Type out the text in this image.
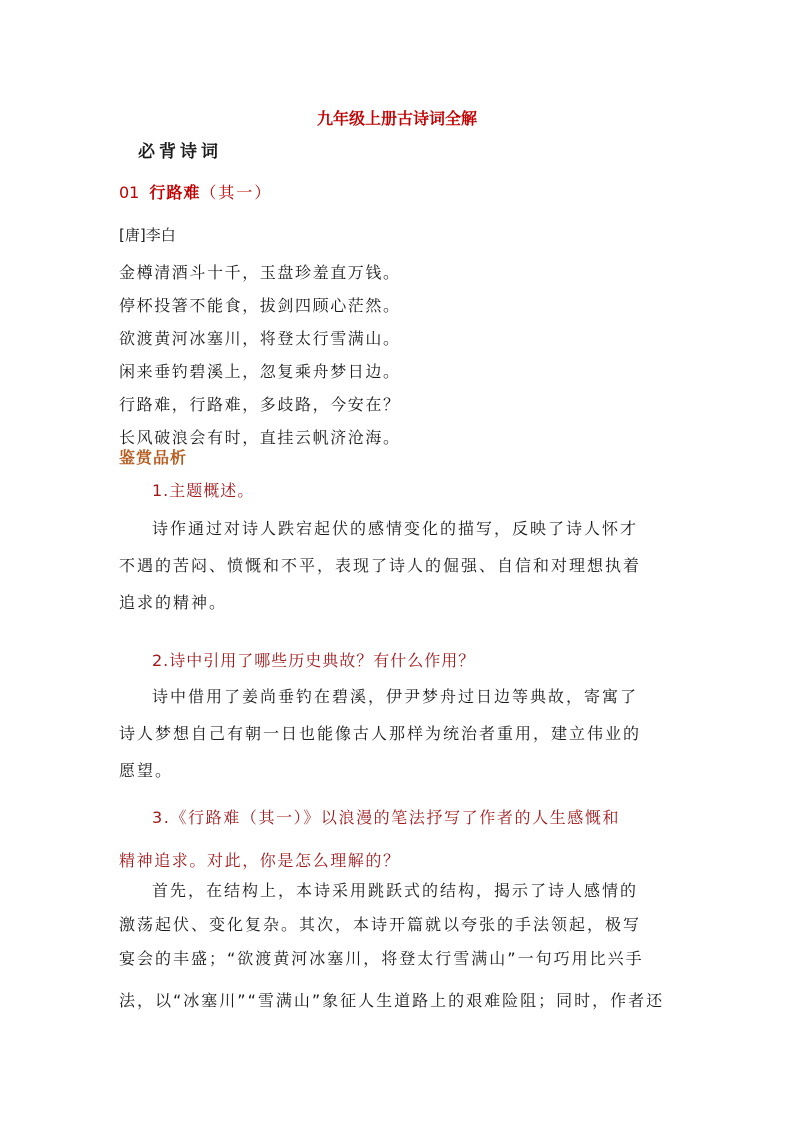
九年级上册古诗词全解
必背诗词
01 行路难（其一）
[唐]李白
金樽清酒斗十千，玉盘珍羞直万钱。
停杯投箸不能食，拔剑四顾心茫然。
欲渡黄河冰塞川，将登太行雪满山。
闲来垂钓碧溪上，忽复乘舟梦日边。
行路难，行路难，多歧路，今安在？
长风破浪会有时，直挂云帆济沧海。
鉴赏品析
1.主题概述。

诗作通过对诗人跌宕起伏的感情变化的描写，反映了诗人怀才
不遇的苦闷、愤慨和不平，表现了诗人的倔强、自信和对理想执着
追求的精神。

2.诗中引用了哪些历史典故？有什么作用？

诗中借用了姜尚垂钓在碧溪，伊尹梦舟过日边等典故，寄寓了
诗人梦想自己有朝一日也能像古人那样为统治者重用，建立伟业的
愿望。

3.《行路难（其一）》以浪漫的笔法抒写了作者的人生感慨和
精神追求。对此，你是怎么理解的？

首先，在结构上，本诗采用跳跃式的结构，揭示了诗人感情的
激荡起伏、变化复杂。其次，本诗开篇就以夸张的手法领起，极写
宴会的丰盛；“欲渡黄河冰塞川，将登太行雪满山”一句巧用比兴手
法，以“冰塞川”“雪满山”象征人生道路上的艰难险阻；同时，作者还
